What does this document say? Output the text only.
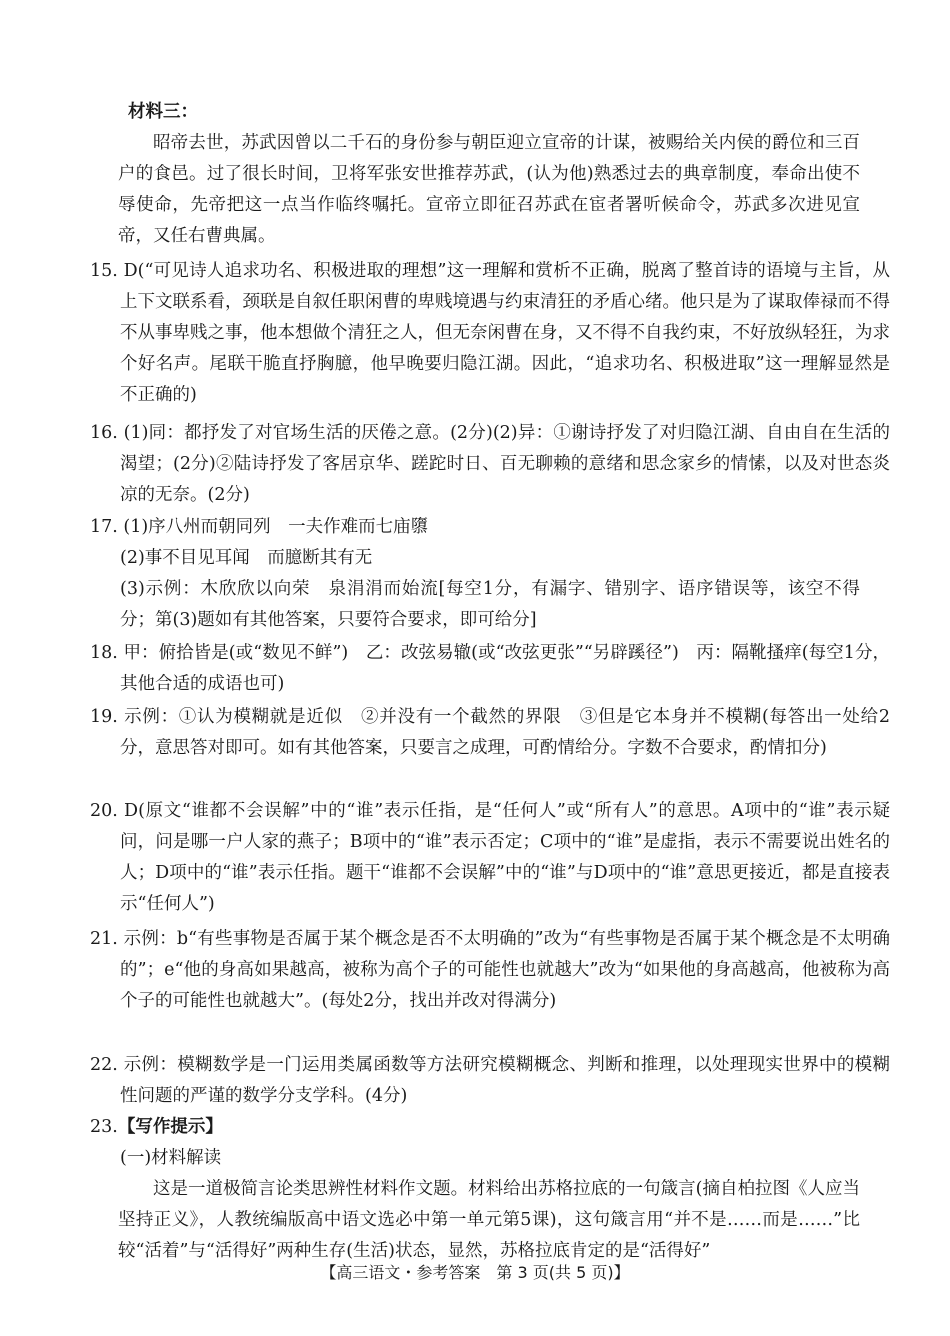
材料三：
昭帝去世，苏武因曾以二千石的身份参与朝臣迎立宣帝的计谋，被赐给关内侯的爵位和三百户的食邑。过了很长时间，卫将军张安世推荐苏武，(认为他)熟悉过去的典章制度，奉命出使不辱使命，先帝把这一点当作临终嘱托。宣帝立即征召苏武在宦者署听候命令，苏武多次进见宣帝，又任右曹典属。
15. D(“可见诗人追求功名、积极进取的理想”这一理解和赏析不正确，脱离了整首诗的语境与主旨，从上下文联系看，颈联是自叙任职闲曹的卑贱境遇与约束清狂的矛盾心绪。他只是为了谋取俸禄而不得不从事卑贱之事，他本想做个清狂之人，但无奈闲曹在身，又不得不自我约束，不好放纵轻狂，为求个好名声。尾联干脆直抒胸臆，他早晚要归隐江湖。因此，“追求功名、积极进取”这一理解显然是不正确的)
16. (1)同：都抒发了对官场生活的厌倦之意。(2分)(2)异：①谢诗抒发了对归隐江湖、自由自在生活的渴望；(2分)②陆诗抒发了客居京华、蹉跎时日、百无聊赖的意绪和思念家乡的情愫，以及对世态炎凉的无奈。(2分)
17. (1)序八州而朝同列　一夫作难而七庙隳
(2)事不目见耳闻　而臆断其有无
(3)示例：木欣欣以向荣　泉涓涓而始流[每空1分，有漏字、错别字、语序错误等，该空不得分；第(3)题如有其他答案，只要符合要求，即可给分]
18. 甲：俯拾皆是(或“数见不鲜”)　乙：改弦易辙(或“改弦更张”“另辟蹊径”)　丙：隔靴搔痒(每空1分，其他合适的成语也可)
19. 示例：①认为模糊就是近似　②并没有一个截然的界限　③但是它本身并不模糊(每答出一处给2分，意思答对即可。如有其他答案，只要言之成理，可酌情给分。字数不合要求，酌情扣分)
20. D(原文“谁都不会误解”中的“谁”表示任指，是“任何人”或“所有人”的意思。A项中的“谁”表示疑问，问是哪一户人家的燕子；B项中的“谁”表示否定；C项中的“谁”是虚指，表示不需要说出姓名的人；D项中的“谁”表示任指。题干“谁都不会误解”中的“谁”与D项中的“谁”意思更接近，都是直接表示“任何人”)
21. 示例：b“有些事物是否属于某个概念是否不太明确的”改为“有些事物是否属于某个概念是不太明确的”；e“他的身高如果越高，被称为高个子的可能性也就越大”改为“如果他的身高越高，他被称为高个子的可能性也就越大”。(每处2分，找出并改对得满分)
22. 示例：模糊数学是一门运用类属函数等方法研究模糊概念、判断和推理，以处理现实世界中的模糊性问题的严谨的数学分支学科。(4分)
23.【写作提示】
(一)材料解读
这是一道极简言论类思辨性材料作文题。材料给出苏格拉底的一句箴言(摘自柏拉图《人应当坚持正义》，人教统编版高中语文选必中第一单元第5课)，这句箴言用“并不是……而是……”比较“活着”与“活得好”两种生存(生活)状态，显然，苏格拉底肯定的是“活得好”
【高三语文・参考答案　第 3 页(共 5 页)】
